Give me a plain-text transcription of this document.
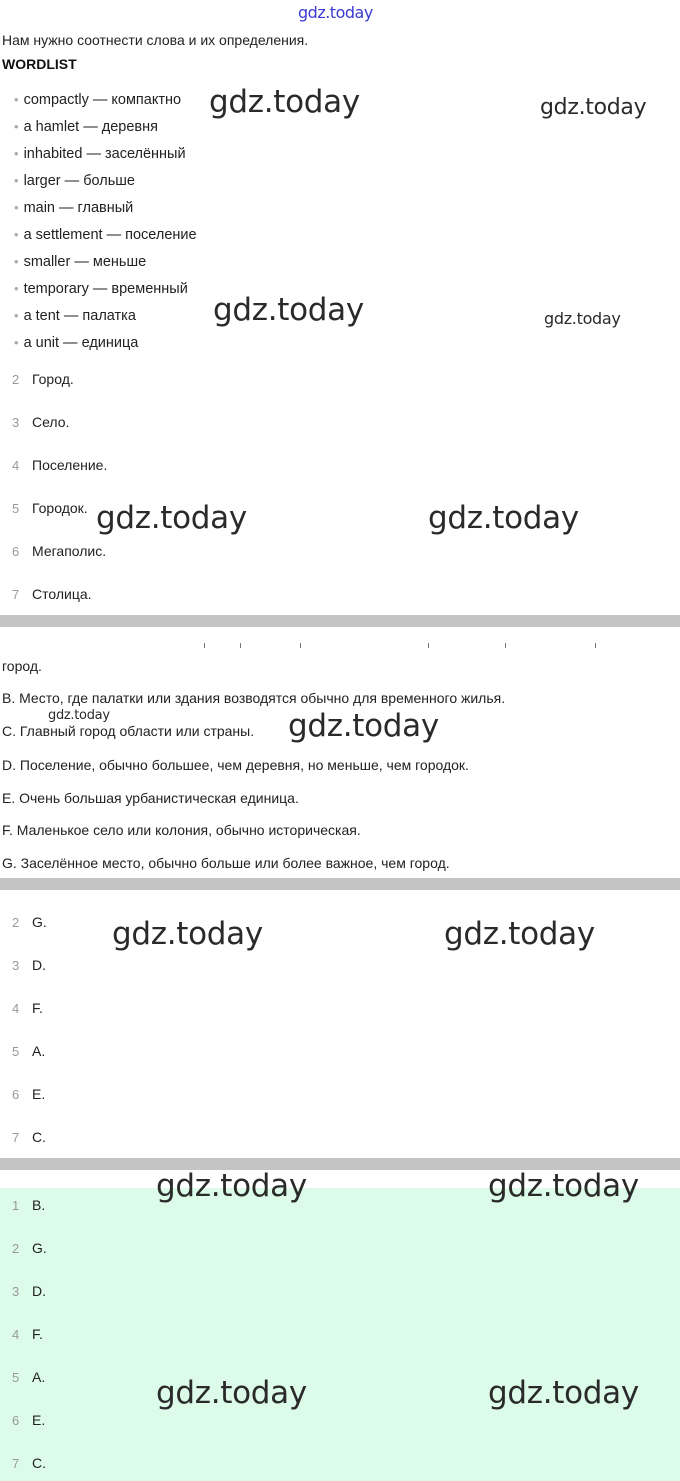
gdz.today
Нам нужно соотнести слова и их определения.
WORDLIST
• compactly — компактно
• a hamlet — деревня
• inhabited — заселённый
• larger — больше
• main — главный
• a settlement — поселение
• smaller — меньше
• temporary — временный
• a tent — палатка
• a unit — единица
2 Город.
3 Село.
4 Поселение.
5 Городок.
6 Мегаполис.
7 Столица.
город.
B. Место, где палатки или здания возводятся обычно для временного жилья.
C. Главный город области или страны.
D. Поселение, обычно большее, чем деревня, но меньше, чем городок.
E. Очень большая урбанистическая единица.
F. Маленькое село или колония, обычно историческая.
G. Заселённое место, обычно больше или более важное, чем город.
2 G.
3 D.
4 F.
5 A.
6 E.
7 C.
1 B.
2 G.
3 D.
4 F.
5 A.
6 E.
7 C.
gdz.today	gdz.today
gdz.today	gdz.today
gdz.today	gdz.today
gdz.today	gdz.today
gdz.today	gdz.today
gdz.today	gdz.today
gdz.today	gdz.today
